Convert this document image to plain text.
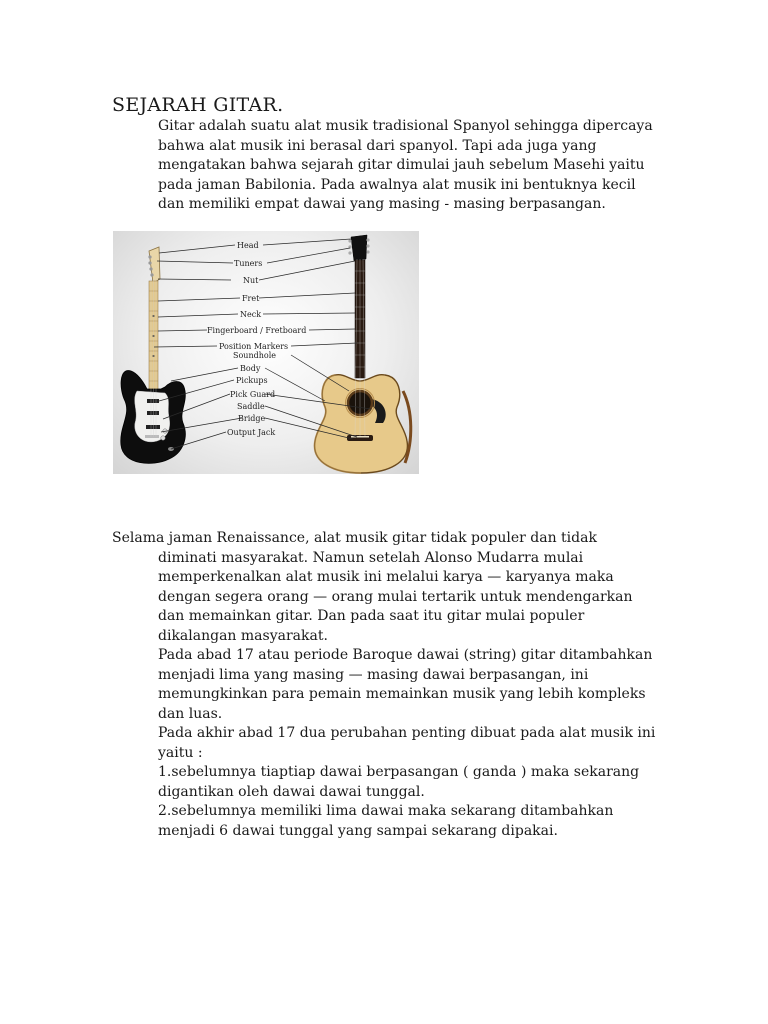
SEJARAH GITAR.

Gitar adalah suatu alat musik tradisional Spanyol sehingga dipercaya bahwa alat musik ini berasal dari spanyol. Tapi ada juga yang mengatakan bahwa sejarah gitar dimulai jauh sebelum Masehi yaitu pada jaman Babilonia. Pada awalnya alat musik ini bentuknya kecil dan memiliki empat dawai yang masing - masing berpasangan.

Head
Tuners
Nut
Fret
Neck
Fingerboard / Fretboard
Position Markers
Soundhole
Body
Pickups
Pick Guard
Saddle
Bridge
Output Jack

Selama jaman Renaissance, alat musik gitar tidak populer dan tidak diminati masyarakat. Namun setelah Alonso Mudarra mulai memperkenalkan alat musik ini melalui karya — karyanya maka dengan segera orang — orang mulai tertarik untuk mendengarkan dan memainkan gitar. Dan pada saat itu gitar mulai populer dikalangan masyarakat.

Pada abad 17 atau periode Baroque dawai (string) gitar ditambahkan menjadi lima yang masing — masing dawai berpasangan, ini memungkinkan para pemain memainkan musik yang lebih kompleks dan luas.

Pada akhir abad 17 dua perubahan penting dibuat pada alat musik ini yaitu :

1.sebelumnya tiaptiap dawai berpasangan ( ganda ) maka sekarang digantikan oleh dawai dawai tunggal.

2.sebelumnya memiliki lima dawai maka sekarang ditambahkan menjadi 6 dawai tunggal yang sampai sekarang dipakai.
